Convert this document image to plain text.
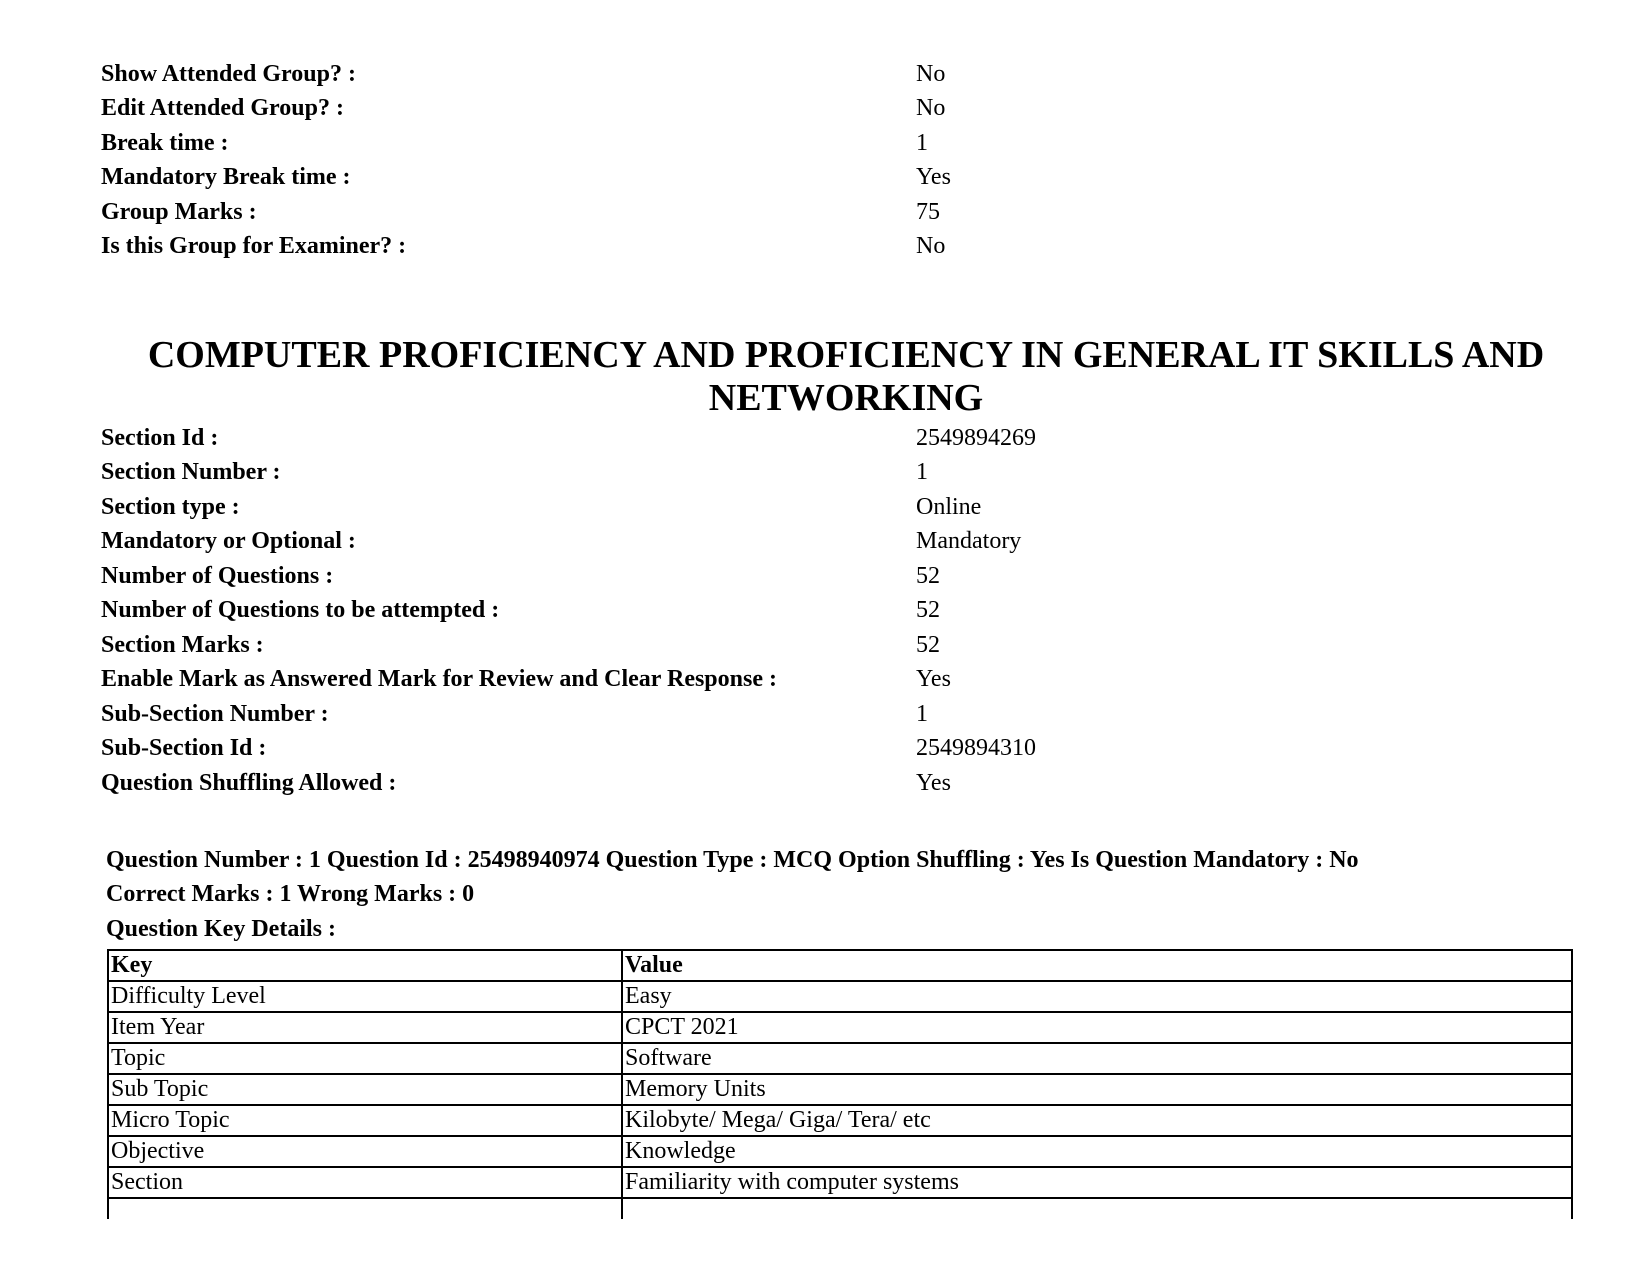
Show Attended Group? :	No
Edit Attended Group? :	No
Break time :	1
Mandatory Break time :	Yes
Group Marks :	75
Is this Group for Examiner? :	No
COMPUTER PROFICIENCY AND PROFICIENCY IN GENERAL IT SKILLS AND NETWORKING
Section Id :	2549894269
Section Number :	1
Section type :	Online
Mandatory or Optional :	Mandatory
Number of Questions :	52
Number of Questions to be attempted :	52
Section Marks :	52
Enable Mark as Answered Mark for Review and Clear Response :	Yes
Sub-Section Number :	1
Sub-Section Id :	2549894310
Question Shuffling Allowed :	Yes
Question Number : 1 Question Id : 25498940974 Question Type : MCQ Option Shuffling : Yes Is Question Mandatory : No
Correct Marks : 1 Wrong Marks : 0
Question Key Details :
Key	Value
Difficulty Level	Easy
Item Year	CPCT 2021
Topic	Software
Sub Topic	Memory Units
Micro Topic	Kilobyte/ Mega/ Giga/ Tera/ etc
Objective	Knowledge
Section	Familiarity with computer systems
